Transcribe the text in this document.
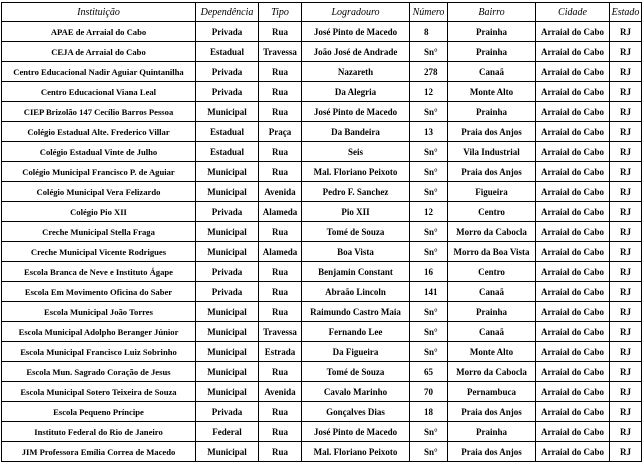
Instituição	Dependência	Tipo	Logradouro	Número	Bairro	Cidade	Estado
APAE de Arraial do Cabo	Privada	Rua	José Pinto de Macedo	8	Prainha	Arraial do Cabo	RJ
CEJA de Arraial do Cabo	Estadual	Travessa	João José de Andrade	Sn°	Prainha	Arraial do Cabo	RJ
Centro Educacional Nadir Aguiar Quintanilha	Privada	Rua	Nazareth	278	Canaã	Arraial do Cabo	RJ
Centro Educacional Viana Leal	Privada	Rua	Da Alegria	12	Monte Alto	Arraial do Cabo	RJ
CIEP Brizolão 147 Cecílio Barros Pessoa	Municipal	Rua	José Pinto de Macedo	Sn°	Prainha	Arraial do Cabo	RJ
Colégio Estadual Alte. Frederico Villar	Estadual	Praça	Da Bandeira	13	Praia dos Anjos	Arraial do Cabo	RJ
Colégio Estadual Vinte de Julho	Estadual	Rua	Seis	Sn°	Vila Industrial	Arraial do Cabo	RJ
Colégio Municipal Francisco P. de Aguiar	Municipal	Rua	Mal. Floriano Peixoto	Sn°	Praia dos Anjos	Arraial do Cabo	RJ
Colégio Municipal Vera Felizardo	Municipal	Avenida	Pedro F. Sanchez	Sn°	Figueira	Arraial do Cabo	RJ
Colégio Pio XII	Privada	Alameda	Pio XII	12	Centro	Arraial do Cabo	RJ
Creche Municipal Stella Fraga	Municipal	Rua	Tomé de Souza	Sn°	Morro da Cabocla	Arraial do Cabo	RJ
Creche Municipal Vicente Rodrigues	Municipal	Alameda	Boa Vista	Sn°	Morro da Boa Vista	Arraial do Cabo	RJ
Escola Branca de Neve e Instituto Ágape	Privada	Rua	Benjamin Constant	16	Centro	Arraial do Cabo	RJ
Escola Em Movimento Oficina do Saber	Privada	Rua	Abraão Lincoln	141	Canaã	Arraial do Cabo	RJ
Escola Municipal João Torres	Municipal	Rua	Raimundo Castro Maia	Sn°	Prainha	Arraial do Cabo	RJ
Escola Municipal Adolpho Beranger Júnior	Municipal	Travessa	Fernando Lee	Sn°	Canaã	Arraial do Cabo	RJ
Escola Municipal Francisco Luiz Sobrinho	Municipal	Estrada	Da Figueira	Sn°	Monte Alto	Arraial do Cabo	RJ
Escola Mun. Sagrado Coração de Jesus	Municipal	Rua	Tomé de Souza	65	Morro da Cabocla	Arraial do Cabo	RJ
Escola Municipal Sotero Teixeira de Souza	Municipal	Avenida	Cavalo Marinho	70	Pernambuca	Arraial do Cabo	RJ
Escola Pequeno Príncipe	Privada	Rua	Gonçalves Dias	18	Praia dos Anjos	Arraial do Cabo	RJ
Instituto Federal do Rio de Janeiro	Federal	Rua	José Pinto de Macedo	Sn°	Prainha	Arraial do Cabo	RJ
JIM Professora Emília Correa de Macedo	Municipal	Rua	Mal. Floriano Peixoto	Sn°	Praia dos Anjos	Arraial do Cabo	RJ
